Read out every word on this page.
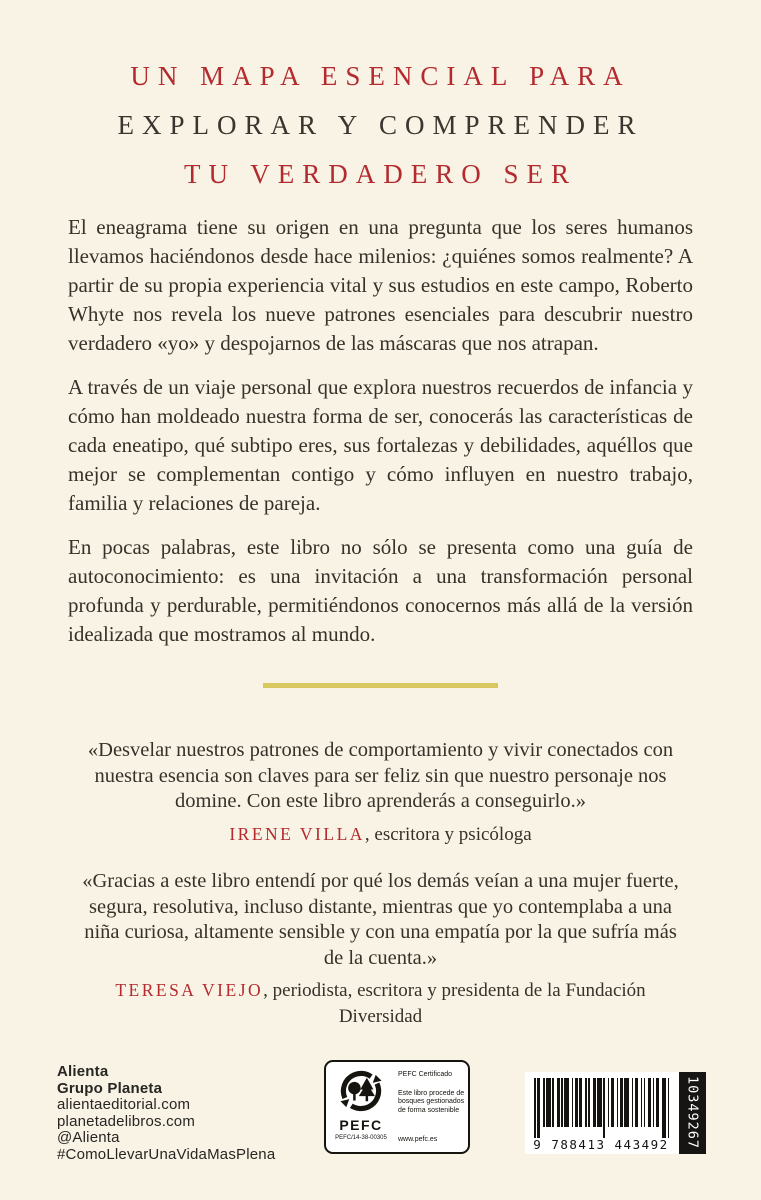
UN MAPA ESENCIAL PARA
EXPLORAR Y COMPRENDER
TU VERDADERO SER

El eneagrama tiene su origen en una pregunta que los seres humanos llevamos haciéndonos desde hace milenios: ¿quiénes somos realmente? A partir de su propia experiencia vital y sus estudios en este campo, Roberto Whyte nos revela los nueve patrones esenciales para descubrir nuestro verdadero «yo» y despojarnos de las máscaras que nos atrapan.

A través de un viaje personal que explora nuestros recuerdos de infancia y cómo han moldeado nuestra forma de ser, conocerás las características de cada eneatipo, qué subtipo eres, sus fortalezas y debilidades, aquéllos que mejor se complementan contigo y cómo influyen en nuestro trabajo, familia y relaciones de pareja.

En pocas palabras, este libro no sólo se presenta como una guía de autoconocimiento: es una invitación a una transformación personal profunda y perdurable, permitiéndonos conocernos más allá de la versión idealizada que mostramos al mundo.

«Desvelar nuestros patrones de comportamiento y vivir conectados con nuestra esencia son claves para ser feliz sin que nuestro personaje nos domine. Con este libro aprenderás a conseguirlo.»
IRENE VILLA, escritora y psicóloga
«Gracias a este libro entendí por qué los demás veían a una mujer fuerte, segura, resolutiva, incluso distante, mientras que yo contemplaba a una niña curiosa, altamente sensible y con una empatía por la que sufría más de la cuenta.»
TERESA VIEJO, periodista, escritora y presidenta de la Fundación Diversidad
Alienta
Grupo Planeta
alientaeditorial.com
planetadelibros.com
@Alienta
#ComoLlevarUnaVidaMasPlena
PEFC
PEFC/14-38-00305
PEFC Certificado
Este libro procede de bosques gestionados de forma sostenible
www.pefc.es	9 788413 443492	10349267
